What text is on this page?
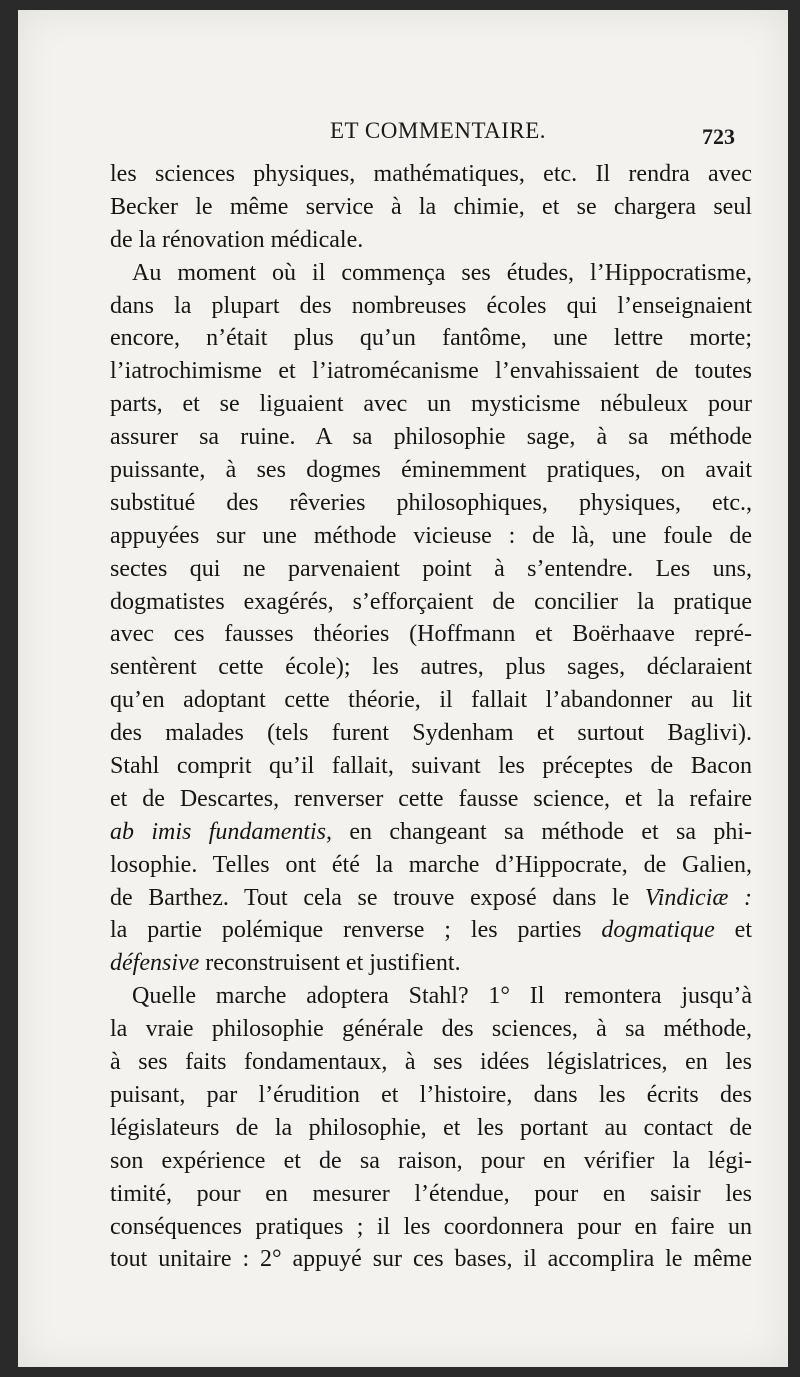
ET COMMENTAIRE.	723
les sciences physiques, mathématiques, etc. Il rendra avec
Becker le même service à la chimie, et se chargera seul
de la rénovation médicale.
Au moment où il commença ses études, l’Hippocratisme,
dans la plupart des nombreuses écoles qui l’enseignaient
encore, n’était plus qu’un fantôme, une lettre morte;
l’iatrochimisme et l’iatromécanisme l’envahissaient de toutes
parts, et se liguaient avec un mysticisme nébuleux pour
assurer sa ruine. A sa philosophie sage, à sa méthode
puissante, à ses dogmes éminemment pratiques, on avait
substitué des rêveries philosophiques, physiques, etc.,
appuyées sur une méthode vicieuse : de là, une foule de
sectes qui ne parvenaient point à s’entendre. Les uns,
dogmatistes exagérés, s’efforçaient de concilier la pratique
avec ces fausses théories (Hoffmann et Boërhaave repré-
sentèrent cette école); les autres, plus sages, déclaraient
qu’en adoptant cette théorie, il fallait l’abandonner au lit
des malades (tels furent Sydenham et surtout Baglivi).
Stahl comprit qu’il fallait, suivant les préceptes de Bacon
et de Descartes, renverser cette fausse science, et la refaire
ab imis fundamentis, en changeant sa méthode et sa phi-
losophie. Telles ont été la marche d’Hippocrate, de Galien,
de Barthez. Tout cela se trouve exposé dans le Vindiciæ :
la partie polémique renverse ; les parties dogmatique et
défensive reconstruisent et justifient.
Quelle marche adoptera Stahl? 1° Il remontera jusqu’à
la vraie philosophie générale des sciences, à sa méthode,
à ses faits fondamentaux, à ses idées législatrices, en les
puisant, par l’érudition et l’histoire, dans les écrits des
législateurs de la philosophie, et les portant au contact de
son expérience et de sa raison, pour en vérifier la légi-
timité, pour en mesurer l’étendue, pour en saisir les
conséquences pratiques ; il les coordonnera pour en faire un
tout unitaire : 2° appuyé sur ces bases, il accomplira le même
